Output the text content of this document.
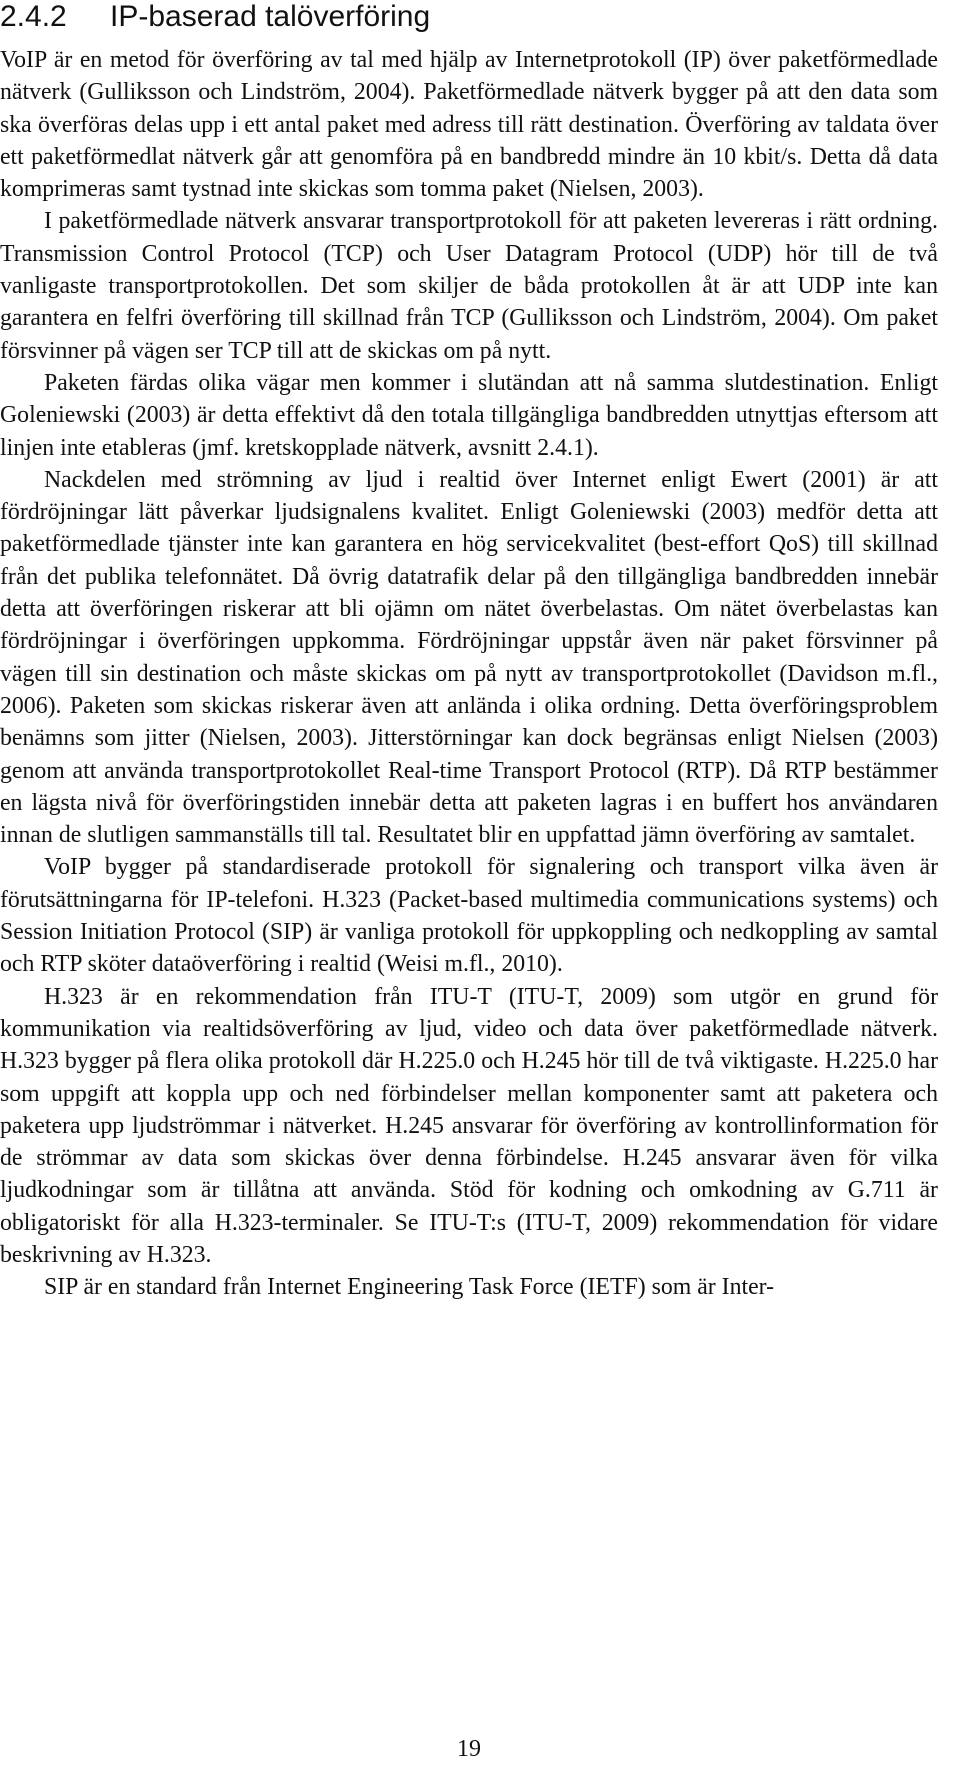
2.4.2 IP-baserad talöverföring

VoIP är en metod för överföring av tal med hjälp av Internetprotokoll (IP) över paketförmedlade nätverk (Gulliksson och Lindström, 2004). Paketförmedlade nätverk bygger på att den data som ska överföras delas upp i ett antal paket med adress till rätt destination. Överföring av taldata över ett paketförmedlat nätverk går att genomföra på en bandbredd mindre än 10 kbit/s. Detta då data komprimeras samt tystnad inte skickas som tomma paket (Nielsen, 2003).

I paketförmedlade nätverk ansvarar transportprotokoll för att paketen levereras i rätt ordning. Transmission Control Protocol (TCP) och User Datagram Protocol (UDP) hör till de två vanligaste transportprotokollen. Det som skiljer de båda protokollen åt är att UDP inte kan garantera en felfri överföring till skillnad från TCP (Gulliksson och Lindström, 2004). Om paket försvinner på vägen ser TCP till att de skickas om på nytt.

Paketen färdas olika vägar men kommer i slutändan att nå samma slutdestination. Enligt Goleniewski (2003) är detta effektivt då den totala tillgängliga bandbredden utnyttjas eftersom att linjen inte etableras (jmf. kretskopplade nätverk, avsnitt 2.4.1).

Nackdelen med strömning av ljud i realtid över Internet enligt Ewert (2001) är att fördröjningar lätt påverkar ljudsignalens kvalitet. Enligt Goleniewski (2003) medför detta att paketförmedlade tjänster inte kan garantera en hög servicekvalitet (best-effort QoS) till skillnad från det publika telefonnätet. Då övrig datatrafik delar på den tillgängliga bandbredden innebär detta att överföringen riskerar att bli ojämn om nätet överbelastas. Om nätet överbelastas kan fördröjningar i överföringen uppkomma. Fördröjningar uppstår även när paket försvinner på vägen till sin destination och måste skickas om på nytt av transportprotokollet (Davidson m.fl., 2006). Paketen som skickas riskerar även att anlända i olika ordning. Detta överföringsproblem benämns som jitter (Nielsen, 2003). Jitterstörningar kan dock begränsas enligt Nielsen (2003) genom att använda transportprotokollet Real-time Transport Protocol (RTP). Då RTP bestämmer en lägsta nivå för överföringstiden innebär detta att paketen lagras i en buffert hos användaren innan de slutligen sammanställs till tal. Resultatet blir en uppfattad jämn överföring av samtalet.

VoIP bygger på standardiserade protokoll för signalering och transport vilka även är förutsättningarna för IP-telefoni. H.323 (Packet-based multimedia communications systems) och Session Initiation Protocol (SIP) är vanliga protokoll för uppkoppling och nedkoppling av samtal och RTP sköter dataöverföring i realtid (Weisi m.fl., 2010).

H.323 är en rekommendation från ITU-T (ITU-T, 2009) som utgör en grund för kommunikation via realtidsöverföring av ljud, video och data över paketförmedlade nätverk. H.323 bygger på flera olika protokoll där H.225.0 och H.245 hör till de två viktigaste. H.225.0 har som uppgift att koppla upp och ned förbindelser mellan komponenter samt att paketera och paketera upp ljudströmmar i nätverket. H.245 ansvarar för överföring av kontrollinformation för de strömmar av data som skickas över denna förbindelse. H.245 ansvarar även för vilka ljudkodningar som är tillåtna att använda. Stöd för kodning och omkodning av G.711 är obligatoriskt för alla H.323-terminaler. Se ITU-T:s (ITU-T, 2009) rekommendation för vidare beskrivning av H.323.

SIP är en standard från Internet Engineering Task Force (IETF) som är Inter-

19
